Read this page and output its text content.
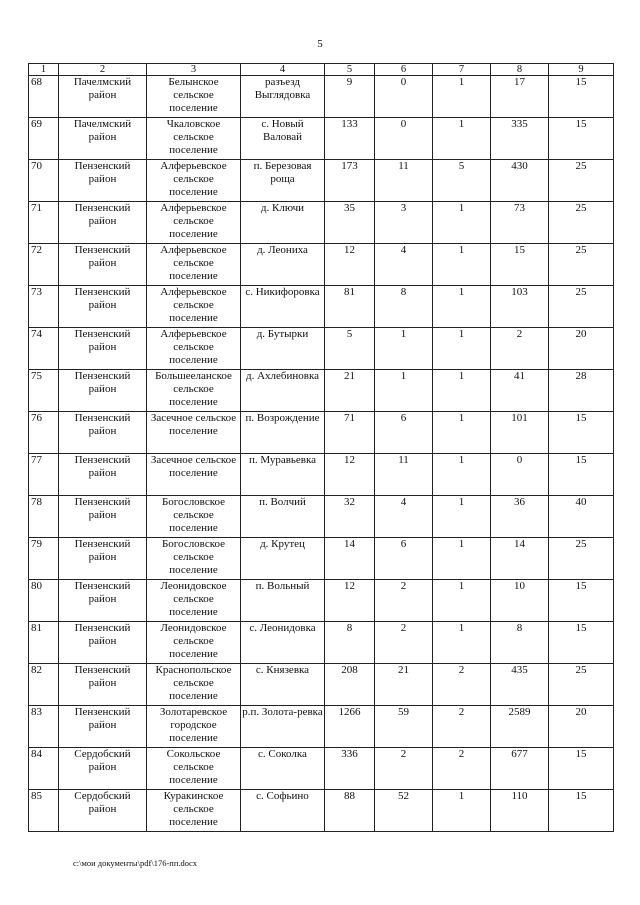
5
1	2	3	4	5	6	7	8	9
68	Пачелмский район	Белынское сельское поселение	разъезд Выглядовка	9	0	1	17	15
69	Пачелмский район	Чкаловское сельское поселение	с. Новый Валовай	133	0	1	335	15
70	Пензенский район	Алферьевское сельское поселение	п. Березовая роща	173	11	5	430	25
71	Пензенский район	Алферьевское сельское поселение	д. Ключи	35	3	1	73	25
72	Пензенский район	Алферьевское сельское поселение	д. Леониха	12	4	1	15	25
73	Пензенский район	Алферьевское сельское поселение	с. Никифоровка	81	8	1	103	25
74	Пензенский район	Алферьевское сельское поселение	д. Бутырки	5	1	1	2	20
75	Пензенский район	Большееланское сельское поселение	д. Ахлебиновка	21	1	1	41	28
76	Пензенский район	Засечное сельское поселение	п. Возрождение	71	6	1	101	15
77	Пензенский район	Засечное сельское поселение	п. Муравьевка	12	11	1	0	15
78	Пензенский район	Богословское сельское поселение	п. Волчий	32	4	1	36	40
79	Пензенский район	Богословское сельское поселение	д. Крутец	14	6	1	14	25
80	Пензенский район	Леонидовское сельское поселение	п. Вольный	12	2	1	10	15
81	Пензенский район	Леонидовское сельское поселение	с. Леонидовка	8	2	1	8	15
82	Пензенский район	Краснопольское сельское поселение	с. Князевка	208	21	2	435	25
83	Пензенский район	Золотаревское городское поселение	р.п. Золота-ревка	1266	59	2	2589	20
84	Сердобский район	Сокольское сельское поселение	с. Соколка	336	2	2	677	15
85	Сердобский район	Куракинское сельское поселение	с. Софьино	88	52	1	110	15
c:\мои документы\pdf\176-пп.docx
